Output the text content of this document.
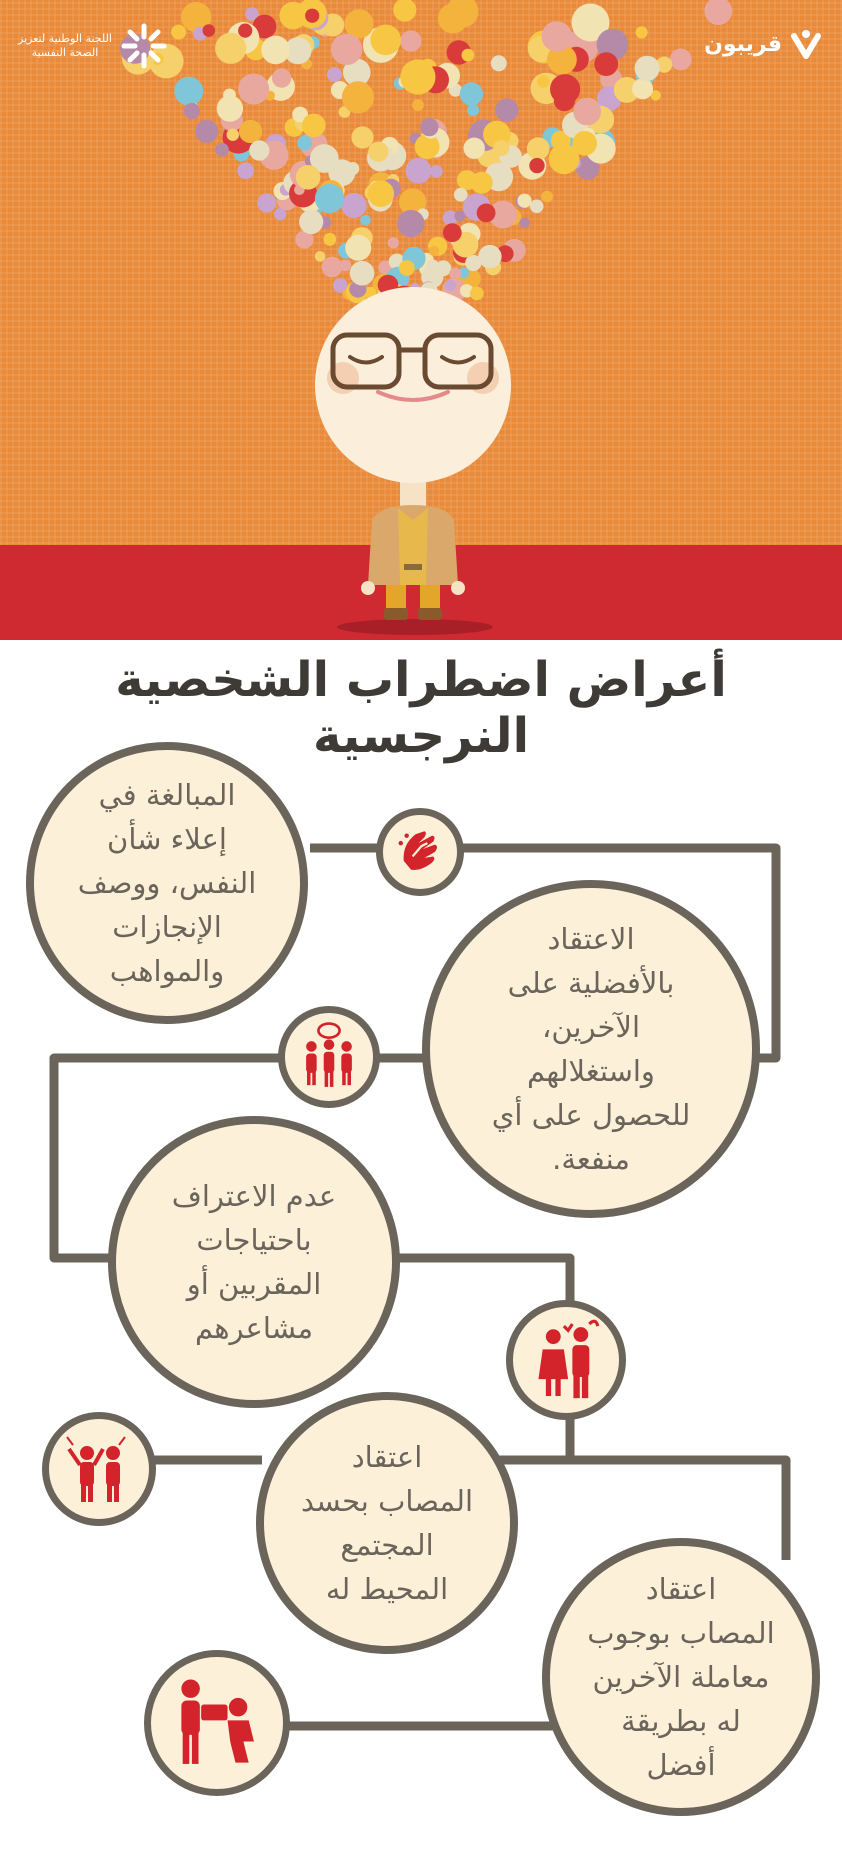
اللجنة الوطنية لتعزيز
الصحة النفسية	قريبون
أعراض اضطراب الشخصية النرجسية
المبالغة في
إعلاء شأن
النفس، ووصف
الإنجازات
والمواهب
الاعتقاد
بالأفضلية على
الآخرين،
واستغلالهم
للحصول على أي
منفعة.
عدم الاعتراف
باحتياجات
المقربين أو
مشاعرهم
اعتقاد
المصاب بحسد
المجتمع
المحيط له	اعتقاد
المصاب بوجوب
معاملة الآخرين
له بطريقة
أفضل
